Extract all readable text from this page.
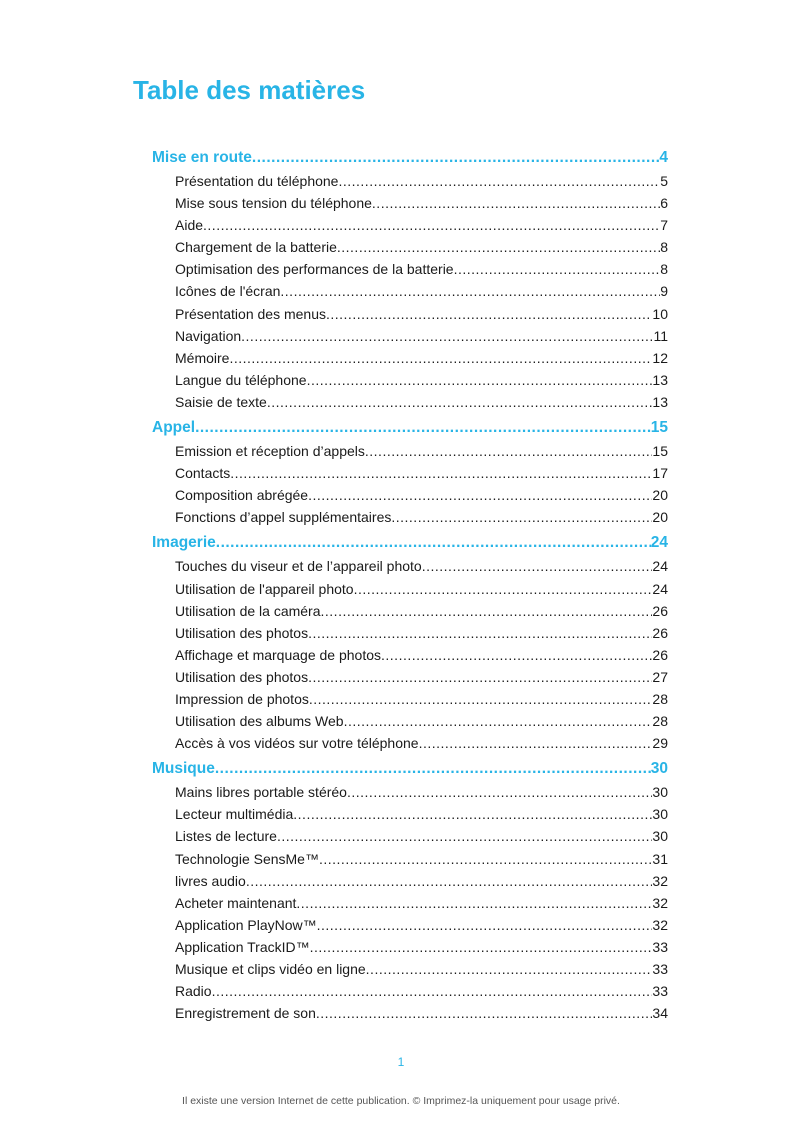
Table des matières
Mise en route .....	4
Présentation du téléphone .....	5
Mise sous tension du téléphone .....	6
Aide .....	7
Chargement de la batterie .....	8
Optimisation des performances de la batterie .....	8
Icônes de l'écran .....	9
Présentation des menus .....	10
Navigation .....	11
Mémoire .....	12
Langue du téléphone .....	13
Saisie de texte .....	13
Appel .....	15
Emission et réception d’appels .....	15
Contacts .....	17
Composition abrégée .....	20
Fonctions d’appel supplémentaires .....	20
Imagerie .....	24
Touches du viseur et de l’appareil photo .....	24
Utilisation de l'appareil photo .....	24
Utilisation de la caméra .....	26
Utilisation des photos .....	26
Affichage et marquage de photos .....	26
Utilisation des photos .....	27
Impression de photos .....	28
Utilisation des albums Web .....	28
Accès à vos vidéos sur votre téléphone .....	29
Musique .....	30
Mains libres portable stéréo .....	30
Lecteur multimédia .....	30
Listes de lecture .....	30
Technologie SensMe™ .....	31
livres audio .....	32
Acheter maintenant .....	32
Application PlayNow™ .....	32
Application TrackID™ .....	33
Musique et clips vidéo en ligne .....	33
Radio .....	33
Enregistrement de son .....	34
1
Il existe une version Internet de cette publication. © Imprimez-la uniquement pour usage privé.
